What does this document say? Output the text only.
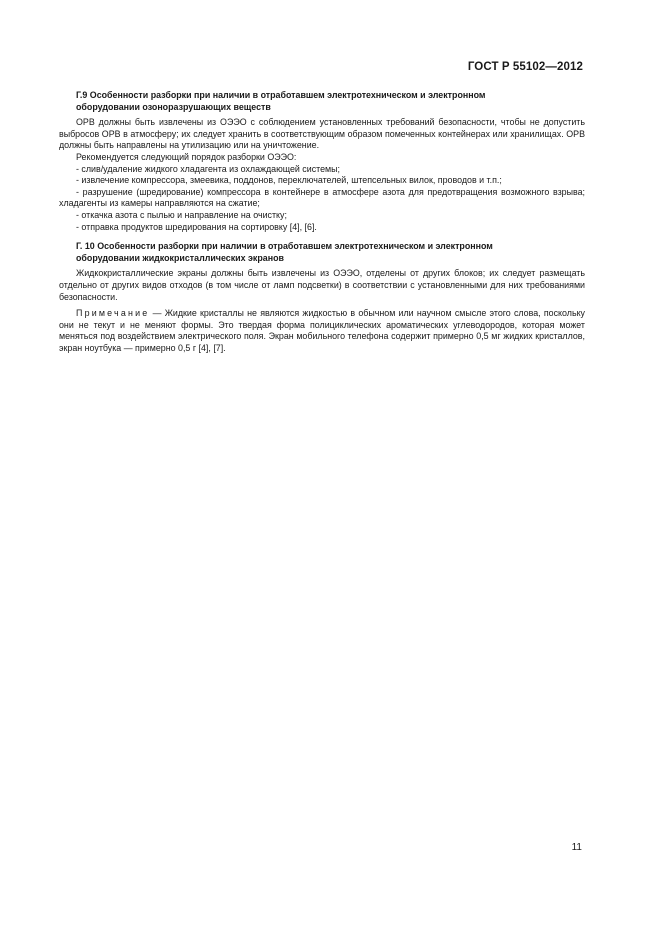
ГОСТ Р 55102—2012
Г.9 Особенности разборки при наличии в отработавшем электротехническом и электронном
оборудовании озоноразрушающих веществ

ОРВ должны быть извлечены из ОЭЭО с соблюдением установленных требований безопасности, чтобы не допустить выбросов ОРВ в атмосферу; их следует хранить в соответствующим образом помеченных контейнерах или хранилищах. ОРВ должны быть направлены на утилизацию или на уничтожение.

Рекомендуется следующий порядок разборки ОЭЭО:

- слив/удаление жидкого хладагента из охлаждающей системы;

- извлечение компрессора, змеевика, поддонов, переключателей, штепсельных вилок, проводов и т.п.;

- разрушение (шредирование) компрессора в контейнере в атмосфере азота для предотвращения возможного взрыва; хладагенты из камеры направляются на сжатие;

- откачка азота с пылью и направление на очистку;

- отправка продуктов шредирования на сортировку [4], [6].

Г. 10 Особенности разборки при наличии в отработавшем электротехническом и электронном
оборудовании жидкокристаллических экранов

Жидкокристаллические экраны должны быть извлечены из ОЭЭО, отделены от других блоков; их следует размещать отдельно от других видов отходов (в том числе от ламп подсветки) в соответствии с установленными для них требованиями безопасности.

Примечание — Жидкие кристаллы не являются жидкостью в обычном или научном смысле этого слова, поскольку они не текут и не меняют формы. Это твердая форма полициклических ароматических углеводородов, которая может меняться под воздействием электрического поля. Экран мобильного телефона содержит примерно 0,5 мг жидких кристаллов, экран ноутбука — примерно 0,5 г [4], [7].

11
